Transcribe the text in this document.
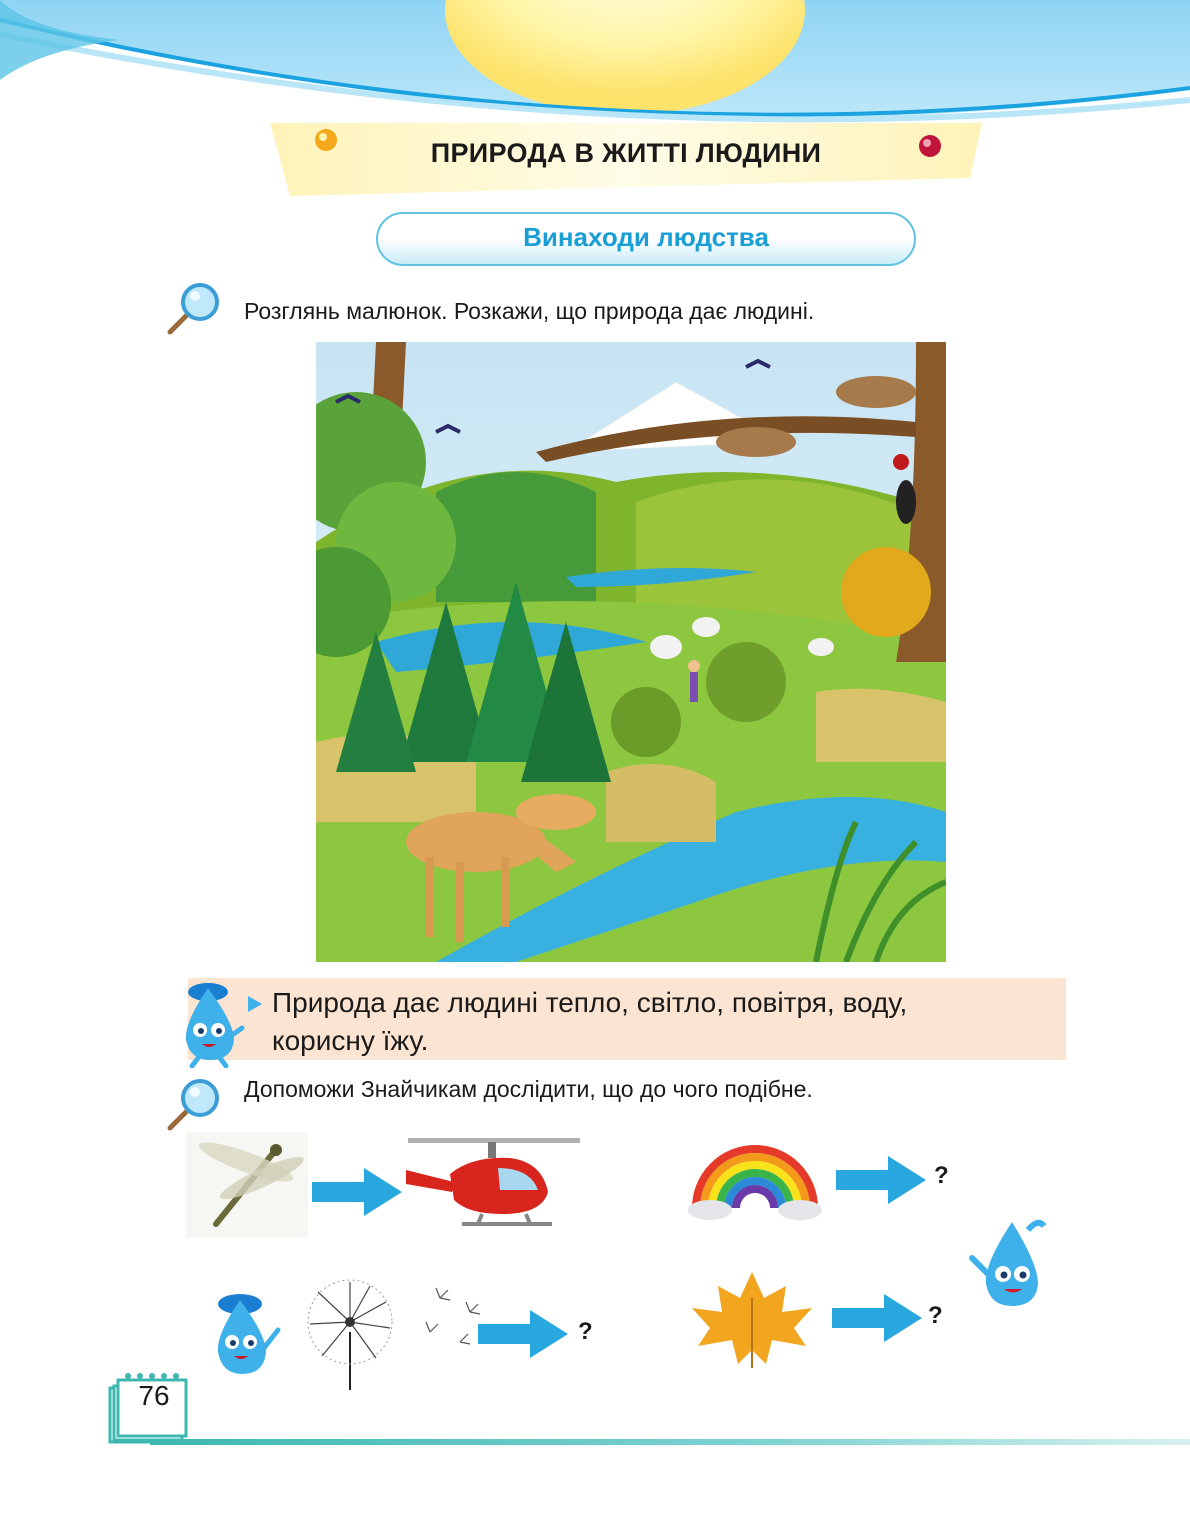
ПРИРОДА В ЖИТТІ ЛЮДИНИ
Винаходи людства
Розглянь малюнок. Розкажи, що природа дає людині.
Природа дає людині тепло, світло, повітря, воду,
корисну їжу.
Допоможи Знайчикам дослідити, що до чого подібне.
?
?
?
76
